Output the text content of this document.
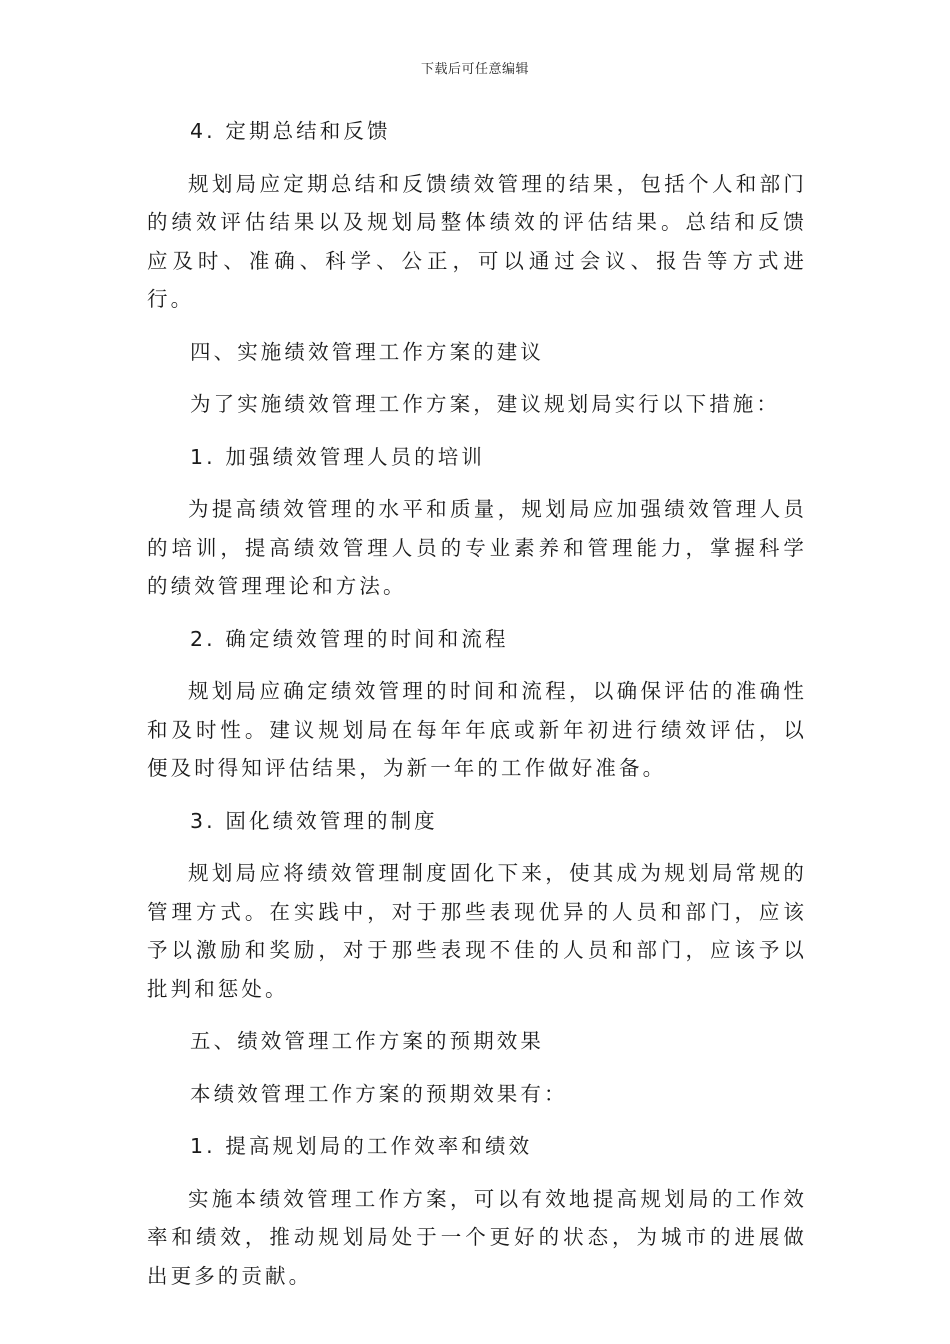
下载后可任意编辑

4. 定期总结和反馈

规划局应定期总结和反馈绩效管理的结果，包括个人和部门的绩效评估结果以及规划局整体绩效的评估结果。总结和反馈应及时、准确、科学、公正，可以通过会议、报告等方式进行。

四、实施绩效管理工作方案的建议

为了实施绩效管理工作方案，建议规划局实行以下措施：

1. 加强绩效管理人员的培训

为提高绩效管理的水平和质量，规划局应加强绩效管理人员的培训，提高绩效管理人员的专业素养和管理能力，掌握科学的绩效管理理论和方法。

2. 确定绩效管理的时间和流程

规划局应确定绩效管理的时间和流程，以确保评估的准确性和及时性。建议规划局在每年年底或新年初进行绩效评估，以便及时得知评估结果，为新一年的工作做好准备。

3. 固化绩效管理的制度

规划局应将绩效管理制度固化下来，使其成为规划局常规的管理方式。在实践中，对于那些表现优异的人员和部门，应该予以激励和奖励，对于那些表现不佳的人员和部门，应该予以批判和惩处。

五、绩效管理工作方案的预期效果

本绩效管理工作方案的预期效果有：

1. 提高规划局的工作效率和绩效

实施本绩效管理工作方案，可以有效地提高规划局的工作效率和绩效，推动规划局处于一个更好的状态，为城市的进展做出更多的贡献。
